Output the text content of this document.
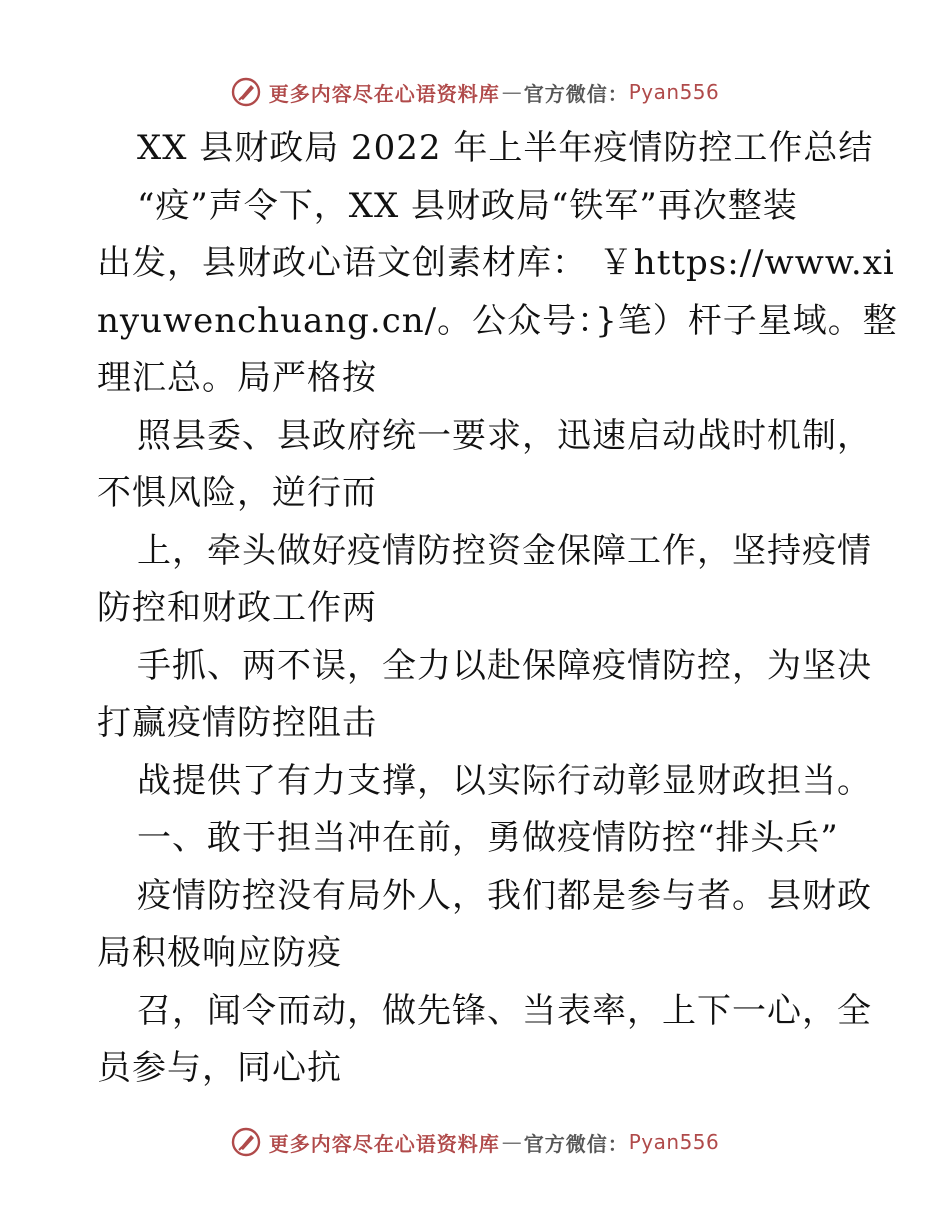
更多内容尽在心语资料库 — 官方微信： Pyan556
XX 县财政局 2022 年上半年疫情防控工作总结
“疫”声令下，XX 县财政局“铁军”再次整装
出发，县财政心语文创素材库： ￥https://www.xi
nyuwenchuang.cn/。公众号：}笔）杆子星域。整
理汇总。局严格按
照县委、县政府统一要求，迅速启动战时机制，
不惧风险，逆行而
上，牵头做好疫情防控资金保障工作，坚持疫情
防控和财政工作两
手抓、两不误，全力以赴保障疫情防控，为坚决
打赢疫情防控阻击
战提供了有力支撑，以实际行动彰显财政担当。
一、敢于担当冲在前，勇做疫情防控“排头兵”
疫情防控没有局外人，我们都是参与者。县财政
局积极响应防疫
召，闻令而动，做先锋、当表率，上下一心，全
员参与，同心抗
更多内容尽在心语资料库 — 官方微信： Pyan556
